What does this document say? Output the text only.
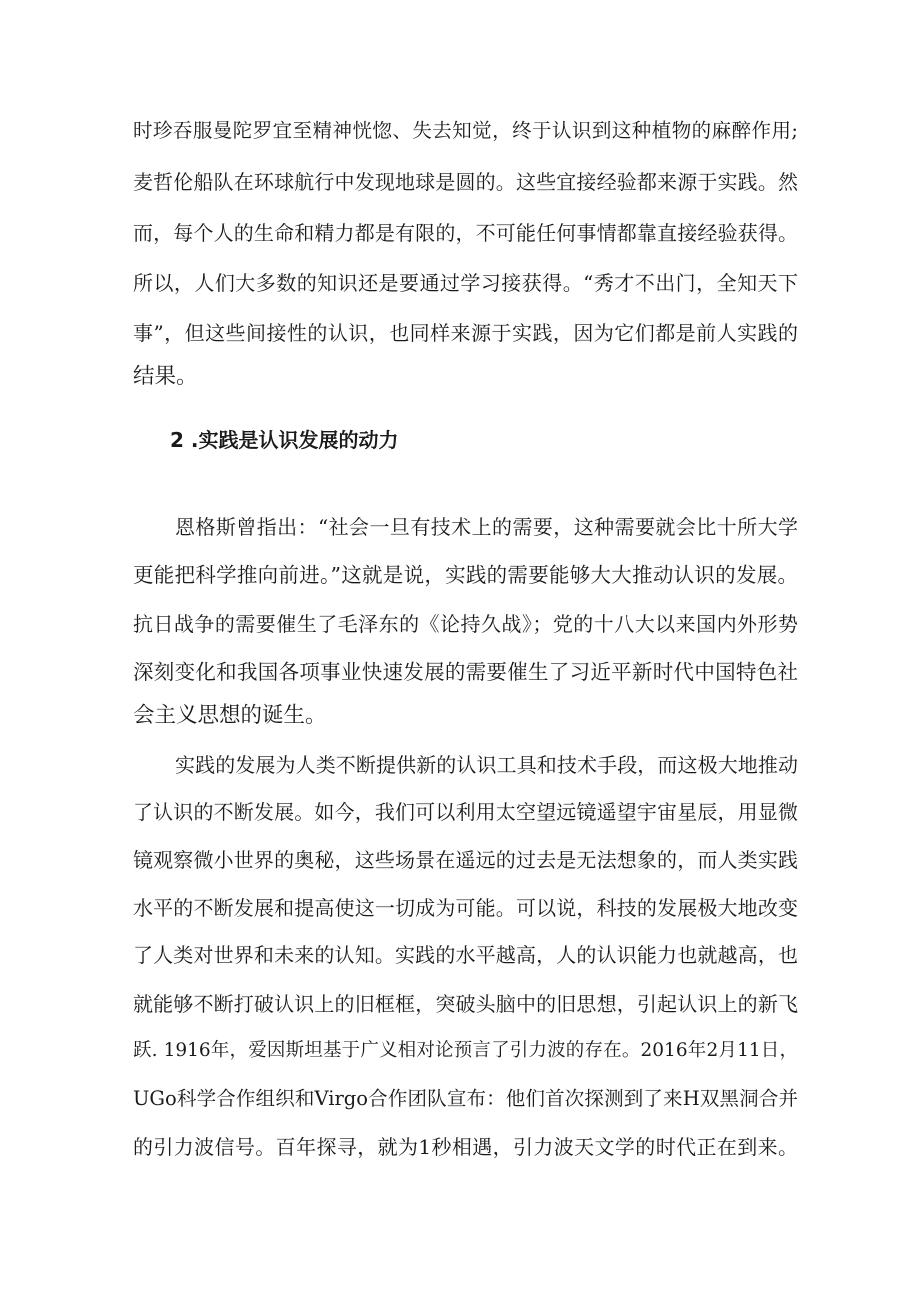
时珍吞服曼陀罗宜至精神恍惚、失去知觉，终于认识到这种植物的麻醉作用;
麦哲伦船队在环球航行中发现地球是圆的。这些宜接经验都来源于实践。然
而，每个人的生命和精力都是有限的，不可能任何事情都靠直接经验获得。
所以，人们大多数的知识还是要通过学习接获得。“秀才不出门，全知天下
事”，但这些间接性的认识，也同样来源于实践，因为它们都是前人实践的
结果。
2 .实践是认识发展的动力
恩格斯曾指出：“社会一旦有技术上的需要，这种需要就会比十所大学
更能把科学推向前进。”这就是说，实践的需要能够大大推动认识的发展。
抗日战争的需要催生了毛泽东的《论持久战》；党的十八大以来国内外形势
深刻变化和我国各项事业快速发展的需要催生了习近平新时代中国特色社
会主义思想的诞生。
实践的发展为人类不断提供新的认识工具和技术手段，而这极大地推动
了认识的不断发展。如今，我们可以利用太空望远镜遥望宇宙星辰，用显微
镜观察微小世界的奥秘，这些场景在遥远的过去是无法想象的，而人类实践
水平的不断发展和提高使这一切成为可能。可以说，科技的发展极大地改变
了人类对世界和未来的认知。实践的水平越高，人的认识能力也就越高，也
就能够不断打破认识上的旧框框，突破头脑中的旧思想，引起认识上的新飞
跃. 1916年，爱因斯坦基于广义相对论预言了引力波的存在。2016年2月11日，
UGo科学合作组织和Virgo合作团队宣布：他们首次探测到了来H双黑洞合并
的引力波信号。百年探寻，就为1秒相遇，引力波天文学的时代正在到来。
